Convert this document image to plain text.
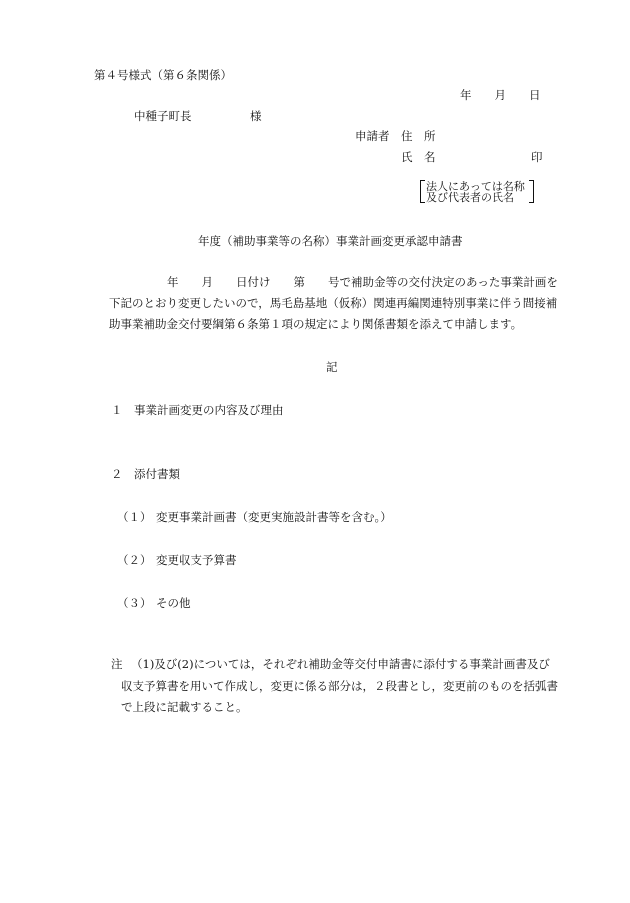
第４号様式（第６条関係）
年　　月　　日
中種子町長	様
申請者 住　所
氏　名	印
法人にあっては名称
及び代表者の氏名
年度（補助事業等の名称）事業計画変更承認申請書
年　　月　　日付け　　第　　号で補助金等の交付決定のあった事業計画を
下記のとおり変更したいので，馬毛島基地（仮称）関連再編関連特別事業に伴う間接補
助事業補助金交付要綱第６条第１項の規定により関係書類を添えて申請します。
記
１ 事業計画変更の内容及び理由
２ 添付書類
（１） 変更事業計画書（変更実施設計書等を含む。）
（２） 変更収支予算書
（３） その他
注 （1)及び(2)については，それぞれ補助金等交付申請書に添付する事業計画書及び
収支予算書を用いて作成し，変更に係る部分は，２段書とし，変更前のものを括弧書
で上段に記載すること。
